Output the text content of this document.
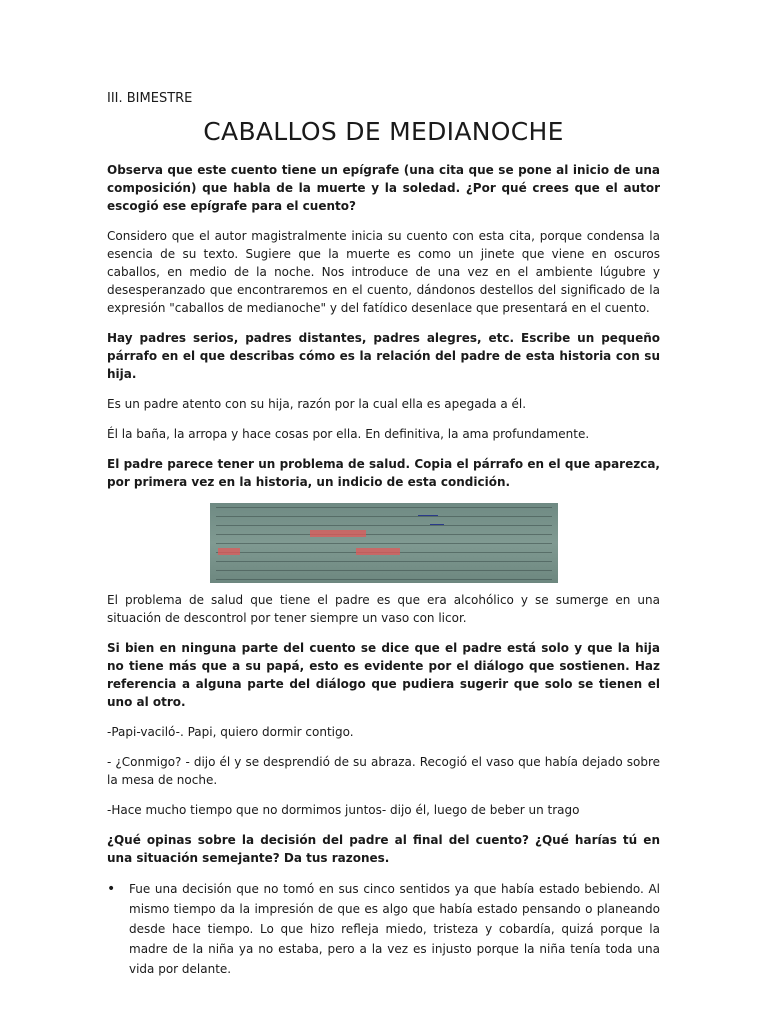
III. BIMESTRE
CABALLOS DE MEDIANOCHE

Observa que este cuento tiene un epígrafe (una cita que se pone al inicio de una composición) que habla de la muerte y la soledad. ¿Por qué crees que el autor escogió ese epígrafe para el cuento?

Considero que el autor magistralmente inicia su cuento con esta cita, porque condensa la esencia de su texto. Sugiere que la muerte es como un jinete que viene en oscuros caballos, en medio de la noche. Nos introduce de una vez en el ambiente lúgubre y desesperanzado que encontraremos en el cuento, dándonos destellos del significado de la expresión "caballos de medianoche" y del fatídico desenlace que presentará en el cuento.

Hay padres serios, padres distantes, padres alegres, etc. Escribe un pequeño párrafo en el que describas cómo es la relación del padre de esta historia con su hija.

Es un padre atento con su hija, razón por la cual ella es apegada a él.

Él la baña, la arropa y hace cosas por ella. En definitiva, la ama profundamente.

El padre parece tener un problema de salud. Copia el párrafo en el que aparezca, por primera vez en la historia, un indicio de esta condición.

El problema de salud que tiene el padre es que era alcohólico y se sumerge en una situación de descontrol por tener siempre un vaso con licor.

Si bien en ninguna parte del cuento se dice que el padre está solo y que la hija no tiene más que a su papá, esto es evidente por el diálogo que sostienen. Haz referencia a alguna parte del diálogo que pudiera sugerir que solo se tienen el uno al otro.

-Papi-vaciló-. Papi, quiero dormir contigo.

- ¿Conmigo? - dijo él y se desprendió de su abraza. Recogió el vaso que había dejado sobre la mesa de noche.

-Hace mucho tiempo que no dormimos juntos- dijo él, luego de beber un trago

¿Qué opinas sobre la decisión del padre al final del cuento? ¿Qué harías tú en una situación semejante? Da tus razones.

• Fue una decisión que no tomó en sus cinco sentidos ya que había estado bebiendo. Al mismo tiempo da la impresión de que es algo que había estado pensando o planeando desde hace tiempo. Lo que hizo refleja miedo, tristeza y cobardía, quizá porque la madre de la niña ya no estaba, pero a la vez es injusto porque la niña tenía toda una vida por delante.
